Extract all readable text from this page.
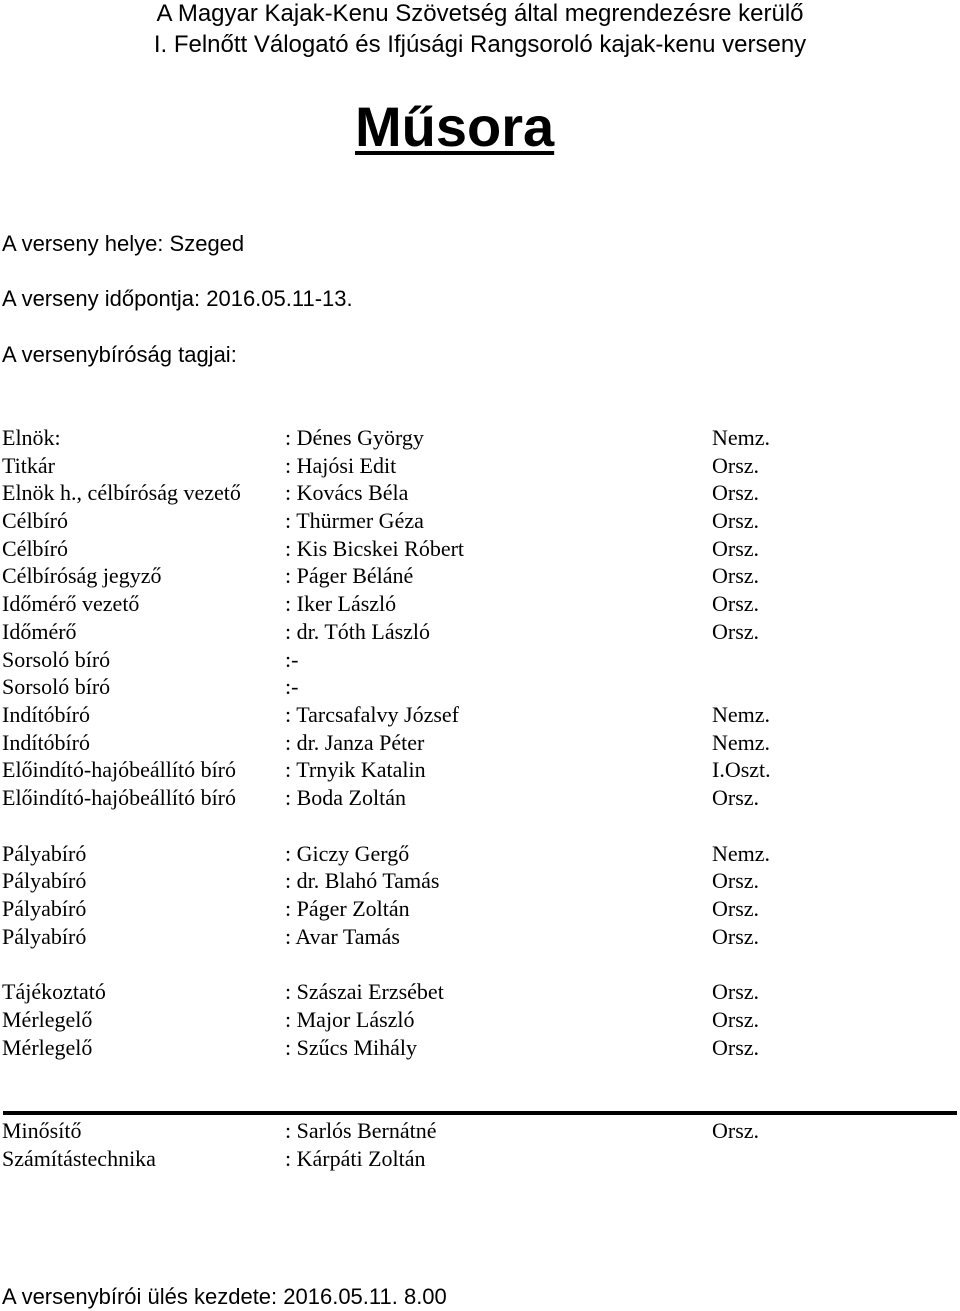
A Magyar Kajak-Kenu Szövetség által megrendezésre kerülő
I. Felnőtt Válogató és Ifjúsági Rangsoroló kajak-kenu verseny
Műsora
A verseny helye: Szeged
A verseny időpontja: 2016.05.11-13.
A versenybíróság tagjai:
Elnök:	: Dénes György	Nemz.
Titkár	: Hajósi Edit	Orsz.
Elnök h., célbíróság vezető : Kovács Béla	Orsz.
Célbíró	: Thürmer Géza	Orsz.
Célbíró	: Kis Bicskei Róbert	Orsz.
Célbíróság jegyző	: Páger Béláné	Orsz.
Időmérő vezető	: Iker László	Orsz.
Időmérő	: dr. Tóth László	Orsz.
Sorsoló bíró	:-
Sorsoló bíró	:-
Indítóbíró	: Tarcsafalvy József	Nemz.
Indítóbíró	: dr. Janza Péter	Nemz.
Előindító-hajóbeállító bíró : Trnyik Katalin	I.Oszt.
Előindító-hajóbeállító bíró : Boda Zoltán	Orsz.
Pályabíró	: Giczy Gergő	Nemz.
Pályabíró	: dr. Blahó Tamás	Orsz.
Pályabíró	: Páger Zoltán	Orsz.
Pályabíró	: Avar Tamás	Orsz.
Tájékoztató	: Szászai Erzsébet	Orsz.
Mérlegelő	: Major László	Orsz.
Mérlegelő	: Szűcs Mihály	Orsz.
Minősítő	: Sarlós Bernátné	Orsz.
Számítástechnika	: Kárpáti Zoltán
A versenybírói ülés kezdete: 2016.05.11. 8.00
